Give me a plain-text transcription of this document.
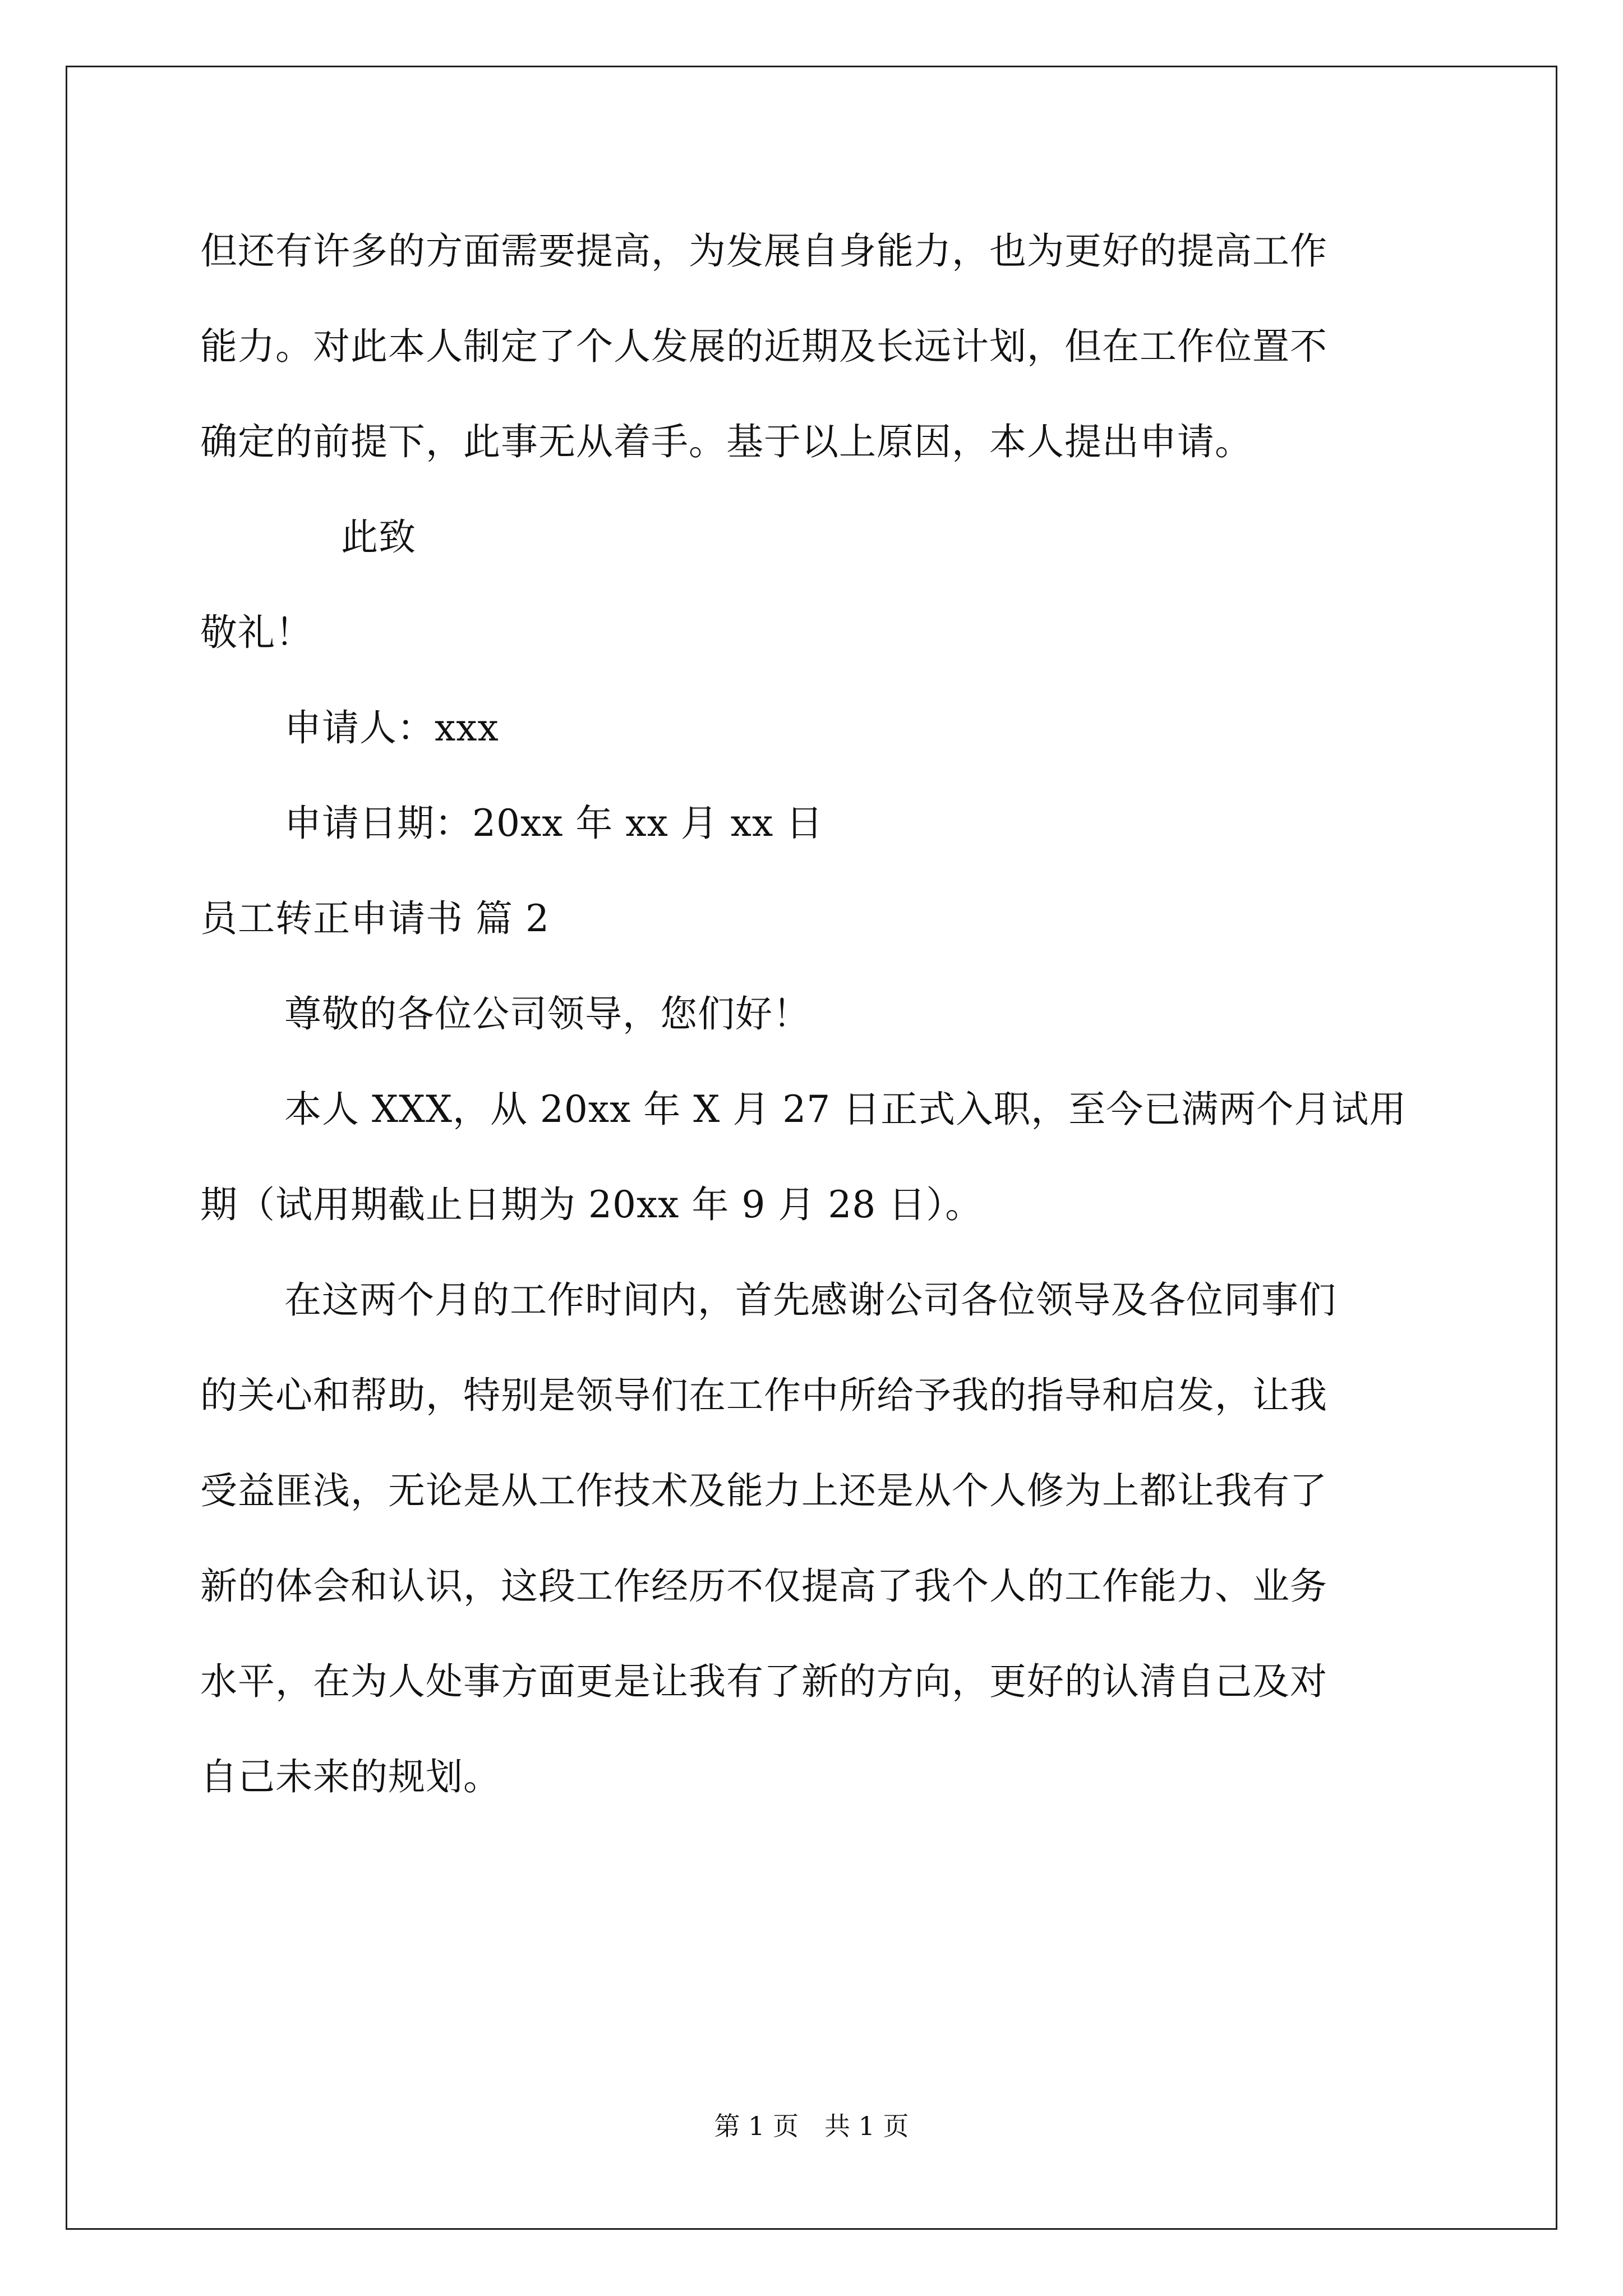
但还有许多的方面需要提高，为发展自身能力，也为更好的提高工作
能力。对此本人制定了个人发展的近期及长远计划，但在工作位置不
确定的前提下，此事无从着手。基于以上原因，本人提出申请。
此致
敬礼！
申请人：xxx
申请日期：20xx 年 xx 月 xx 日
员工转正申请书 篇 2
尊敬的各位公司领导，您们好！
本人 XXX，从 20xx 年 X 月 27 日正式入职，至今已满两个月试用
期（试用期截止日期为 20xx 年 9 月 28 日）。
在这两个月的工作时间内，首先感谢公司各位领导及各位同事们
的关心和帮助，特别是领导们在工作中所给予我的指导和启发，让我
受益匪浅，无论是从工作技术及能力上还是从个人修为上都让我有了
新的体会和认识，这段工作经历不仅提高了我个人的工作能力、业务
水平，在为人处事方面更是让我有了新的方向，更好的认清自己及对
自己未来的规划。
第 1 页　共 1 页
